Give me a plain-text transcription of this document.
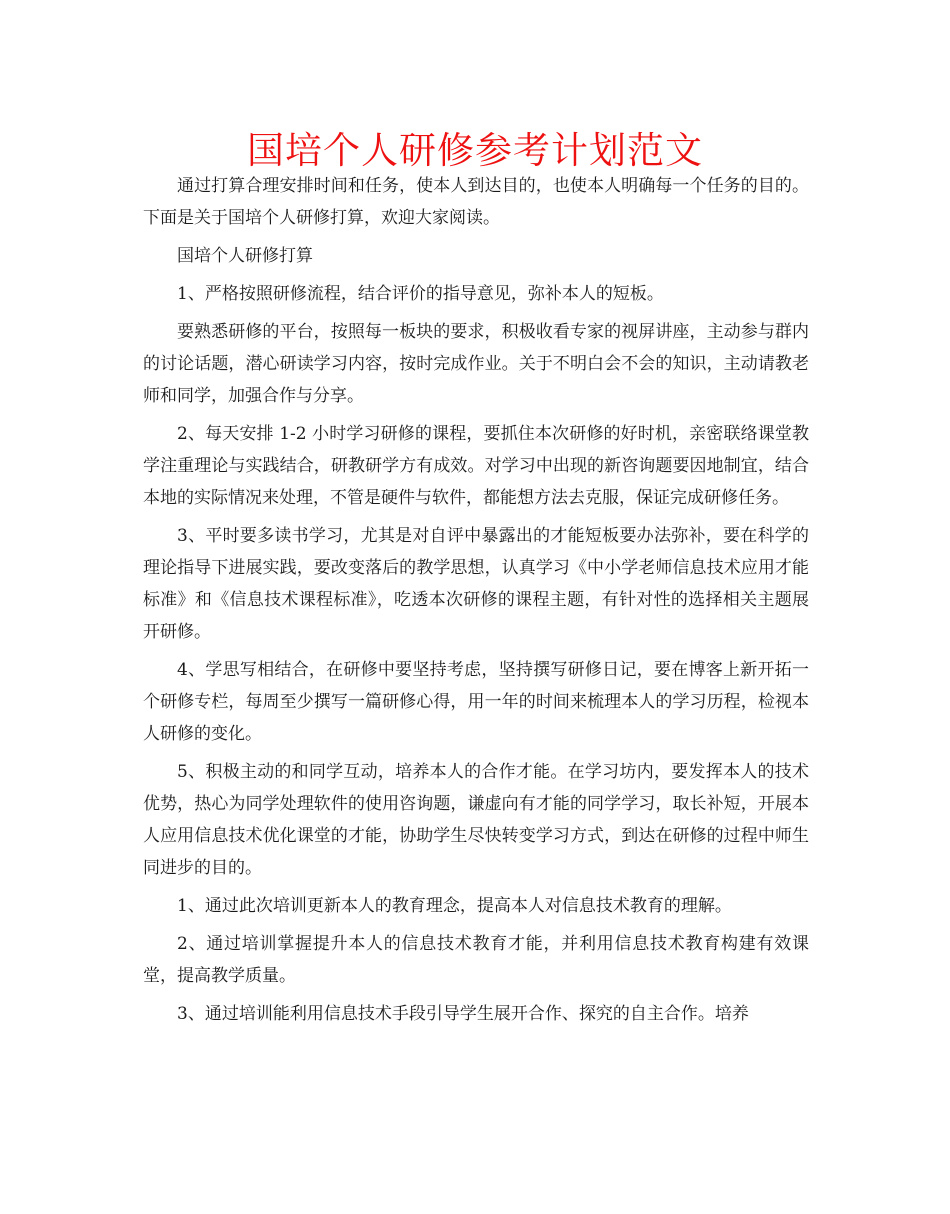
国培个人研修参考计划范文

通过打算合理安排时间和任务，使本人到达目的，也使本人明确每一个任务的目的。下面是关于国培个人研修打算，欢迎大家阅读。

国培个人研修打算

1、严格按照研修流程，结合评价的指导意见，弥补本人的短板。

要熟悉研修的平台，按照每一板块的要求，积极收看专家的视屏讲座，主动参与群内的讨论话题，潜心研读学习内容，按时完成作业。关于不明白会不会的知识，主动请教老师和同学，加强合作与分享。

2、每天安排 1-2 小时学习研修的课程，要抓住本次研修的好时机，亲密联络课堂教学注重理论与实践结合，研教研学方有成效。对学习中出现的新咨询题要因地制宜，结合本地的实际情况来处理，不管是硬件与软件，都能想方法去克服，保证完成研修任务。

3、平时要多读书学习，尤其是对自评中暴露出的才能短板要办法弥补，要在科学的理论指导下进展实践，要改变落后的教学思想，认真学习《中小学老师信息技术应用才能标准》和《信息技术课程标准》，吃透本次研修的课程主题，有针对性的选择相关主题展开研修。

4、学思写相结合，在研修中要坚持考虑，坚持撰写研修日记，要在博客上新开拓一个研修专栏，每周至少撰写一篇研修心得，用一年的时间来梳理本人的学习历程，检视本人研修的变化。

5、积极主动的和同学互动，培养本人的合作才能。在学习坊内，要发挥本人的技术优势，热心为同学处理软件的使用咨询题，谦虚向有才能的同学学习，取长补短，开展本人应用信息技术优化课堂的才能，协助学生尽快转变学习方式，到达在研修的过程中师生同进步的目的。

1、通过此次培训更新本人的教育理念，提高本人对信息技术教育的理解。

2、通过培训掌握提升本人的信息技术教育才能，并利用信息技术教育构建有效课堂，提高教学质量。

3、通过培训能利用信息技术手段引导学生展开合作、探究的自主合作。培养
